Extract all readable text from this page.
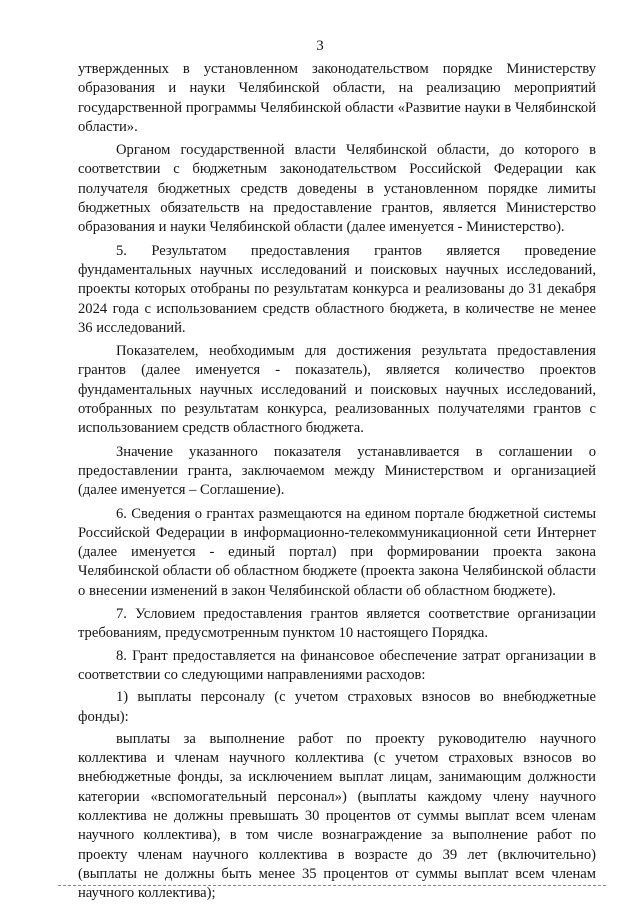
3

утвержденных в установленном законодательством порядке Министерству образования и науки Челябинской области, на реализацию мероприятий государственной программы Челябинской области «Развитие науки в Челябинской области».

Органом государственной власти Челябинской области, до которого в соответствии с бюджетным законодательством Российской Федерации как получателя бюджетных средств доведены в установленном порядке лимиты бюджетных обязательств на предоставление грантов, является Министерство образования и науки Челябинской области (далее именуется - Министерство).

5. Результатом предоставления грантов является проведение фундаментальных научных исследований и поисковых научных исследований, проекты которых отобраны по результатам конкурса и реализованы до 31 декабря 2024 года с использованием средств областного бюджета, в количестве не менее 36 исследований.

Показателем, необходимым для достижения результата предоставления грантов (далее именуется - показатель), является количество проектов фундаментальных научных исследований и поисковых научных исследований, отобранных по результатам конкурса, реализованных получателями грантов с использованием средств областного бюджета.

Значение указанного показателя устанавливается в соглашении о предоставлении гранта, заключаемом между Министерством и организацией (далее именуется – Соглашение).

6. Сведения о грантах размещаются на едином портале бюджетной системы Российской Федерации в информационно-телекоммуникационной сети Интернет (далее именуется - единый портал) при формировании проекта закона Челябинской области об областном бюджете (проекта закона Челябинской области о внесении изменений в закон Челябинской области об областном бюджете).

7. Условием предоставления грантов является соответствие организации требованиям, предусмотренным пунктом 10 настоящего Порядка.

8. Грант предоставляется на финансовое обеспечение затрат организации в соответствии со следующими направлениями расходов:

1) выплаты персоналу (с учетом страховых взносов во внебюджетные фонды):

выплаты за выполнение работ по проекту руководителю научного коллектива и членам научного коллектива (с учетом страховых взносов во внебюджетные фонды, за исключением выплат лицам, занимающим должности категории «вспомогательный персонал») (выплаты каждому члену научного коллектива не должны превышать 30 процентов от суммы выплат всем членам научного коллектива), в том числе вознаграждение за выполнение работ по проекту членам научного коллектива в возрасте до 39 лет (включительно) (выплаты не должны быть менее 35 процентов от суммы выплат всем членам научного коллектива);
